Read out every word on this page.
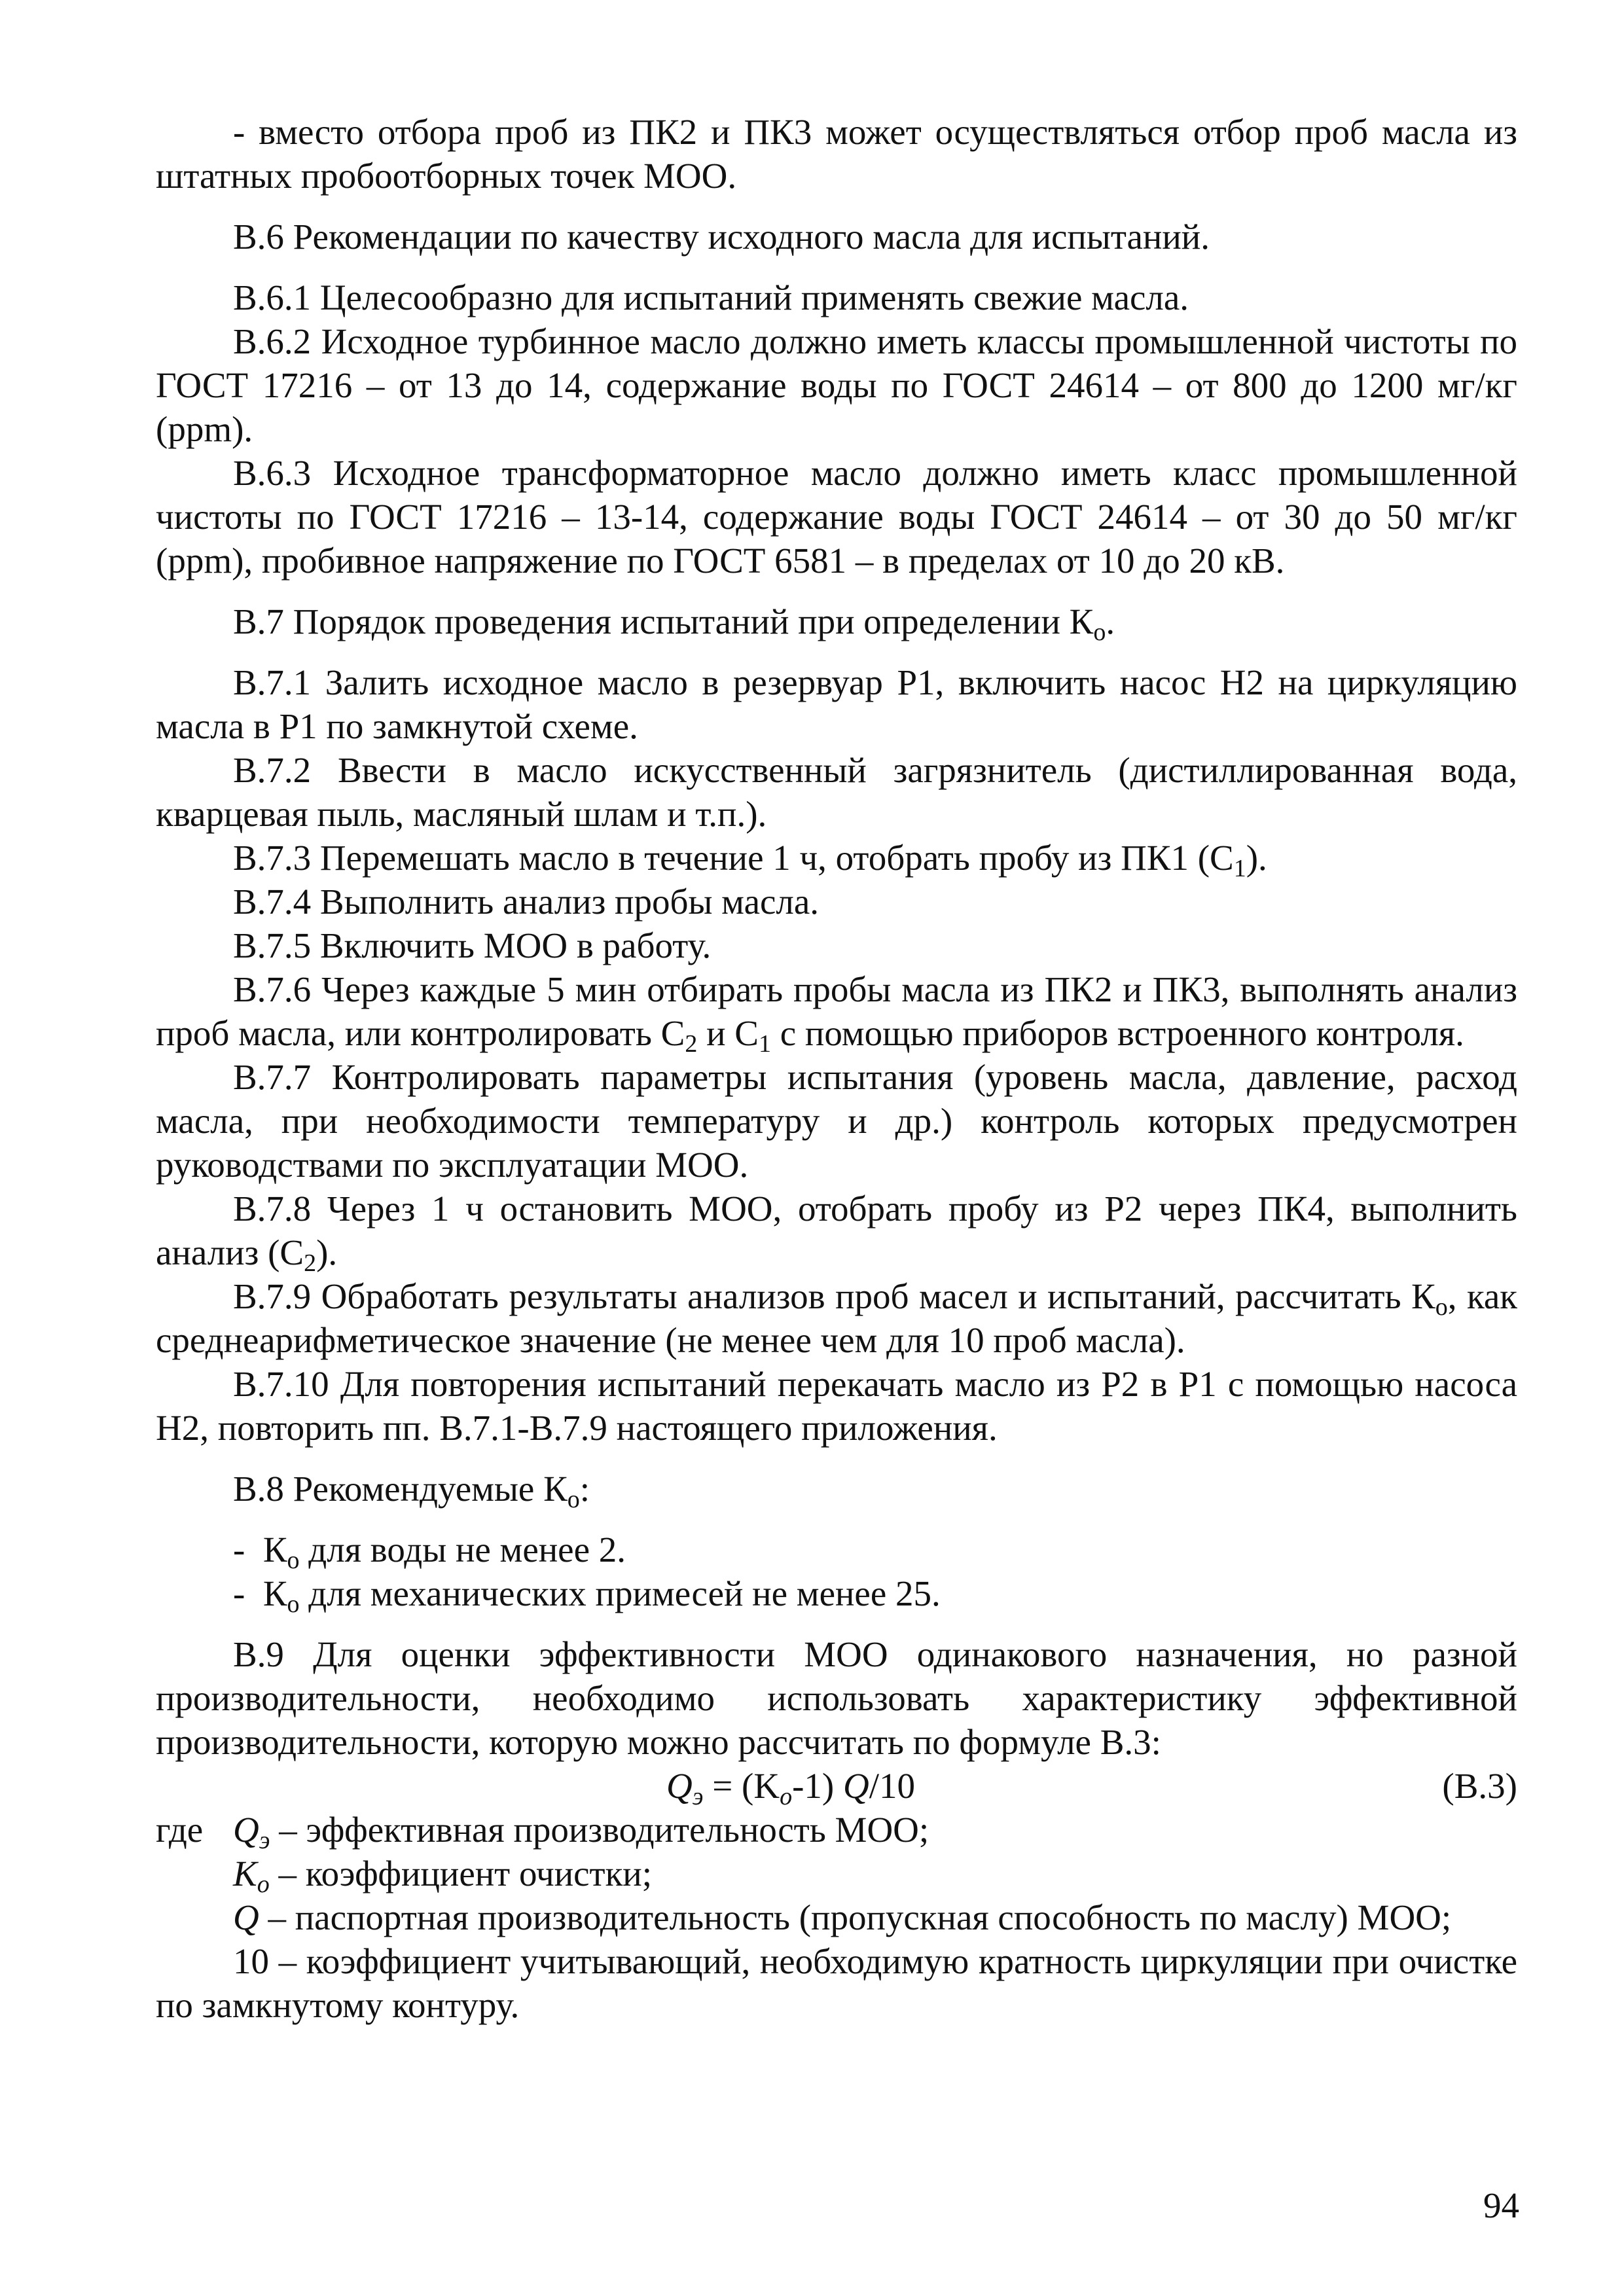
- вместо отбора проб из ПК2 и ПК3 может осуществляться отбор проб масла из штатных пробоотборных точек МОО.

В.6 Рекомендации по качеству исходного масла для испытаний.

В.6.1 Целесообразно для испытаний применять свежие масла.

В.6.2 Исходное турбинное масло должно иметь классы промышленной чистоты по ГОСТ 17216 – от 13 до 14, содержание воды по ГОСТ 24614 – от 800 до 1200 мг/кг (ppm).

В.6.3 Исходное трансформаторное масло должно иметь класс промышленной чистоты по ГОСТ 17216 – 13-14, содержание воды ГОСТ 24614 – от 30 до 50 мг/кг (ppm), пробивное напряжение по ГОСТ 6581 – в пределах от 10 до 20 кВ.

В.7 Порядок проведения испытаний при определении $К_о$.

В.7.1 Залить исходное масло в резервуар Р1, включить насос Н2 на циркуляцию масла в Р1 по замкнутой схеме.

В.7.2 Ввести в масло искусственный загрязнитель (дистиллированная вода, кварцевая пыль, масляный шлам и т.п.).

В.7.3 Перемешать масло в течение 1 ч, отобрать пробу из ПК1 $(С_1)$.

В.7.4 Выполнить анализ пробы масла.

В.7.5 Включить МОО в работу.

В.7.6 Через каждые 5 мин отбирать пробы масла из ПК2 и ПК3, выполнять анализ проб масла, или контролировать $С_2$ и $С_1$ с помощью приборов встроенного контроля.

В.7.7 Контролировать параметры испытания (уровень масла, давление, расход масла, при необходимости температуру и др.) контроль которых предусмотрен руководствами по эксплуатации МОО.

В.7.8 Через 1 ч остановить МОО, отобрать пробу из Р2 через ПК4, выполнить анализ $(С_2)$.

В.7.9 Обработать результаты анализов проб масел и испытаний, рассчитать $К_о$, как среднеарифметическое значение (не менее чем для 10 проб масла).

В.7.10 Для повторения испытаний перекачать масло из Р2 в Р1 с помощью насоса Н2, повторить пп. В.7.1-В.7.9 настоящего приложения.

В.8 Рекомендуемые $К_о$:

-  $К_о$ для воды не менее 2.

-  $К_о$ для механических примесей не менее 25.

В.9 Для оценки эффективности МОО одинакового назначения, но разной производительности, необходимо использовать характеристику эффективной производительности, которую можно рассчитать по формуле В.3:

$Q_э = (K_o-1)$ Q/10	(В.3)
где $Q_э$ – эффективная производительность МОО;
$K_o$ – коэффициент очистки;

Q – паспортная производительность (пропускная способность по маслу) МОО;

10 – коэффициент учитывающий, необходимую кратность циркуляции при очистке по замкнутому контуру.

94
